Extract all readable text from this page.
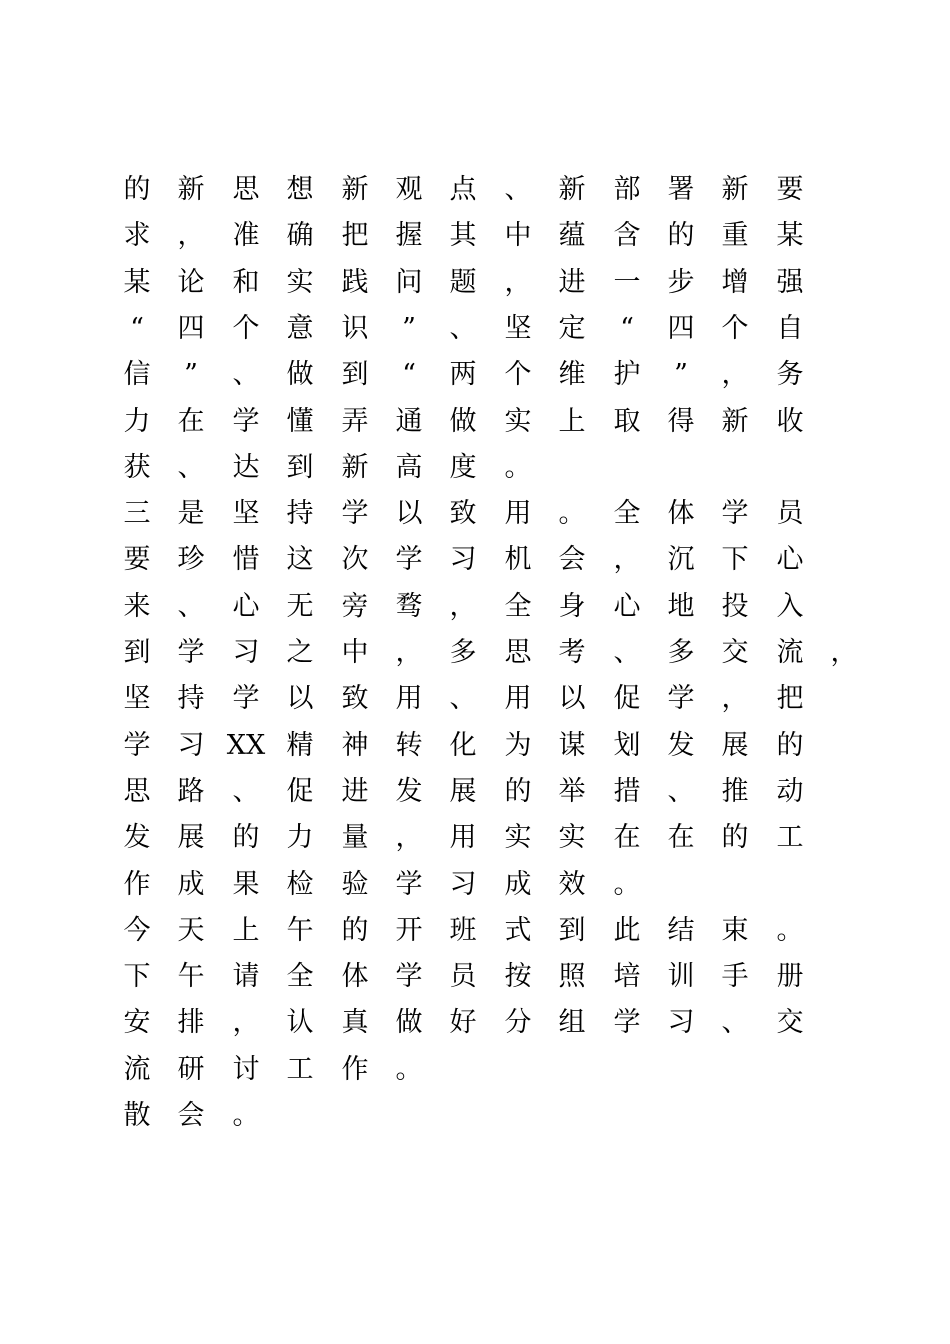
的 新 思 想 新 观 点 、 新 部 署 新 要
求 ， 准 确 把 握 其 中 蕴 含 的 重 某
某 论 和 实 践 问 题 ， 进 一 步 增 强
“	四 个 意 识	”	、 坚 定	“	四 个 自
信	”	、 做 到	“	两 个 维 护	”	， 务
力 在 学 懂 弄 通 做 实 上 取 得 新 收
获 、 达 到 新 高 度 。
三 是 坚 持 学 以 致 用 。 全 体 学 员
要 珍 惜 这 次 学 习 机 会 ， 沉 下 心
来 、 心 无 旁 骛 ， 全 身 心 地 投 入
到 学 习 之 中 ， 多 思 考 、 多 交 流 ，
坚 持 学 以 致 用 、 用 以 促 学 ， 把
学 习 XX 精 神 转 化 为 谋 划 发 展 的
思 路 、 促 进 发 展 的 举 措 、 推 动
发 展 的 力 量 ， 用 实 实 在 在 的 工
作 成 果 检 验 学 习 成 效 。
今 天 上 午 的 开 班 式 到 此 结 束 。
下 午 请 全 体 学 员 按 照 培 训 手 册
安 排 ， 认 真 做 好 分 组 学 习 、 交
流 研 讨 工 作 。
散 会 。
